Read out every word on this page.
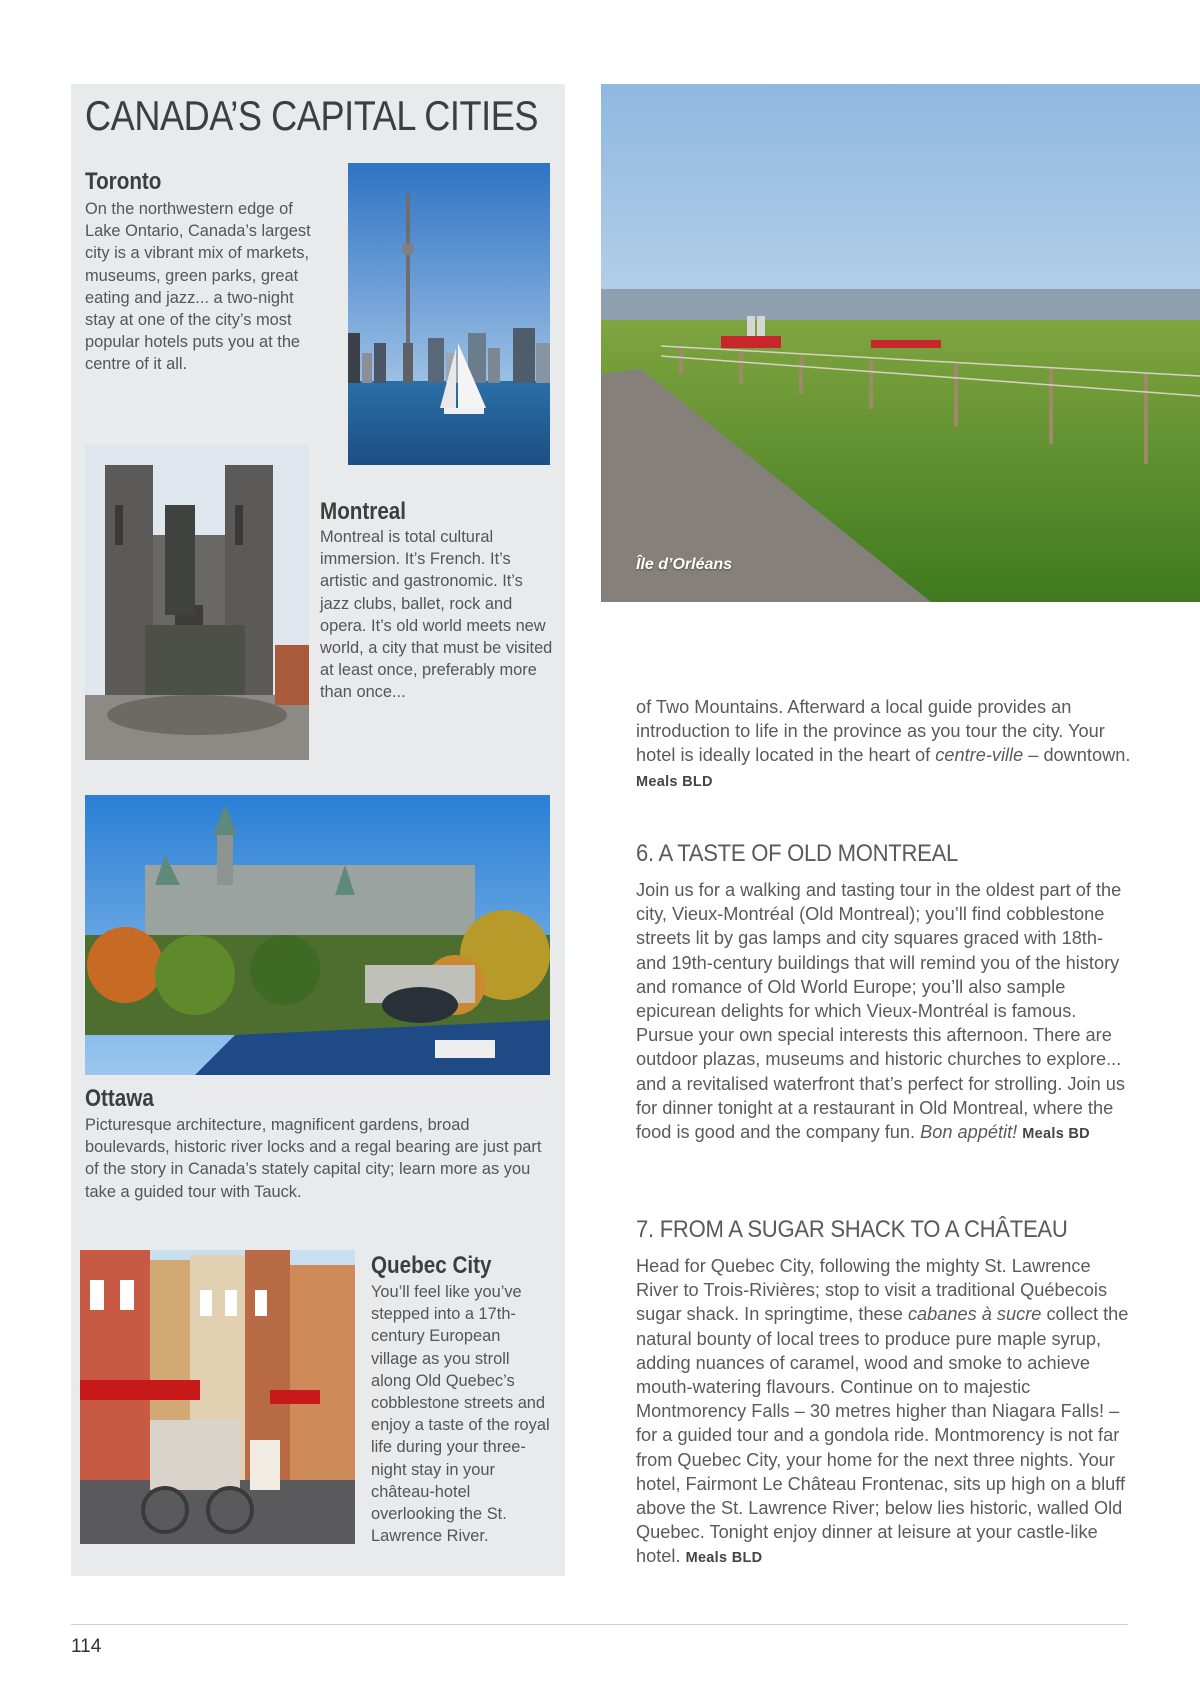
CANADA’S CAPITAL CITIES
Toronto
On the northwestern edge of Lake Ontario, Canada’s largest city is a vibrant mix of markets, museums, green parks, great eating and jazz... a two-night stay at one of the city’s most popular hotels puts you at the centre of it all.
Montreal
Montreal is total cultural immersion. It’s French. It’s artistic and gastronomic. It’s jazz clubs, ballet, rock and opera. It’s old world meets new world, a city that must be visited at least once, preferably more than once...
Ottawa
Picturesque architecture, magnificent gardens, broad boulevards, historic river locks and a regal bearing are just part of the story in Canada’s stately capital city; learn more as you take a guided tour with Tauck.
Quebec City
You’ll feel like you’ve stepped into a 17th-century European village as you stroll along Old Quebec’s cobblestone streets and enjoy a taste of the royal life during your three-night stay in your château-hotel overlooking the St. Lawrence River.
Île d’Orléans
of Two Mountains. Afterward a local guide provides an introduction to life in the province as you tour the city. Your hotel is ideally located in the heart of centre-ville – downtown. Meals BLD
6. A TASTE OF OLD MONTREAL
Join us for a walking and tasting tour in the oldest part of the city, Vieux-Montréal (Old Montreal); you’ll find cobblestone streets lit by gas lamps and city squares graced with 18th- and 19th-century buildings that will remind you of the history and romance of Old World Europe; you’ll also sample epicurean delights for which Vieux-Montréal is famous. Pursue your own special interests this afternoon. There are outdoor plazas, museums and historic churches to explore... and a revitalised waterfront that’s perfect for strolling. Join us for dinner tonight at a restaurant in Old Montreal, where the food is good and the company fun. Bon appétit! Meals BD
7. FROM A SUGAR SHACK TO A CHÂTEAU
Head for Quebec City, following the mighty St. Lawrence River to Trois-Rivières; stop to visit a traditional Québecois sugar shack. In springtime, these cabanes à sucre collect the natural bounty of local trees to produce pure maple syrup, adding nuances of caramel, wood and smoke to achieve mouth-watering flavours. Continue on to majestic Montmorency Falls – 30 metres higher than Niagara Falls! – for a guided tour and a gondola ride. Montmorency is not far from Quebec City, your home for the next three nights. Your hotel, Fairmont Le Château Frontenac, sits up high on a bluff above the St. Lawrence River; below lies historic, walled Old Quebec. Tonight enjoy dinner at leisure at your castle-like hotel. Meals BLD
114
